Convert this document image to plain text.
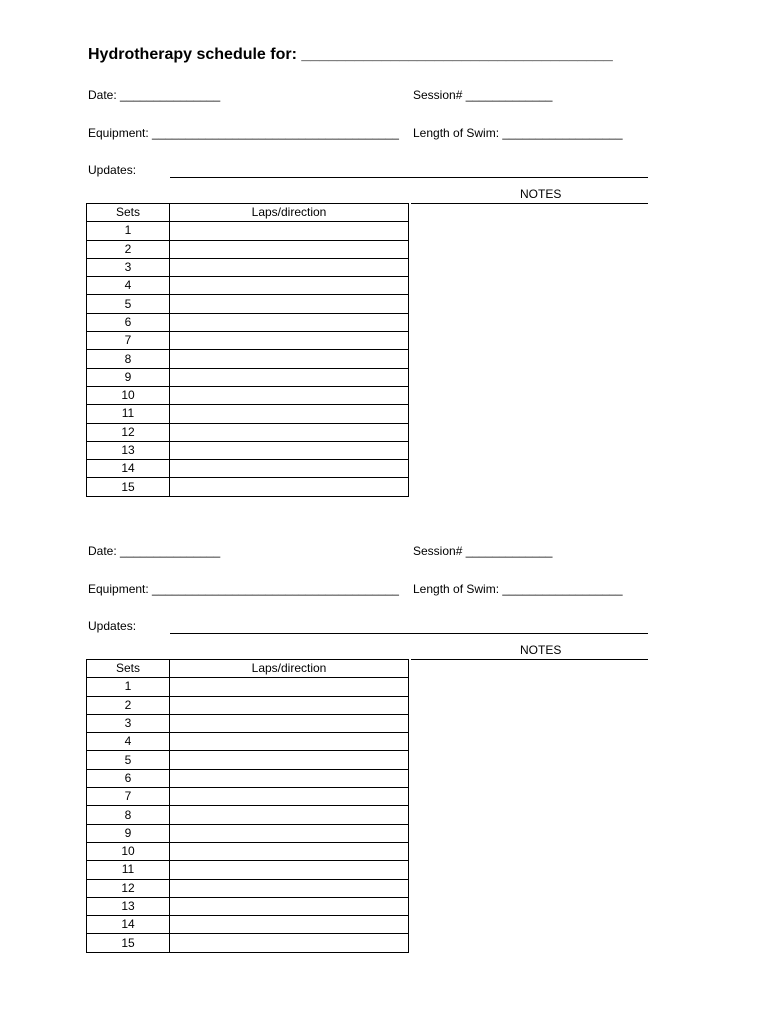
Hydrotherapy schedule for: ___________________________________
Date: _______________	Session# _____________
Equipment: _____________________________________ Length of Swim: __________________
Updates:
NOTES
Sets	Laps/direction
1	
2	
3	
4	
5	
6	
7	
8	
9	
10	
11	
12	
13	
14	
15	
Date: _______________	Session# _____________
Equipment: _____________________________________ Length of Swim: __________________
Updates:
NOTES
Sets	Laps/direction
1	
2	
3	
4	
5	
6	
7	
8	
9	
10	
11	
12	
13	
14	
15	
